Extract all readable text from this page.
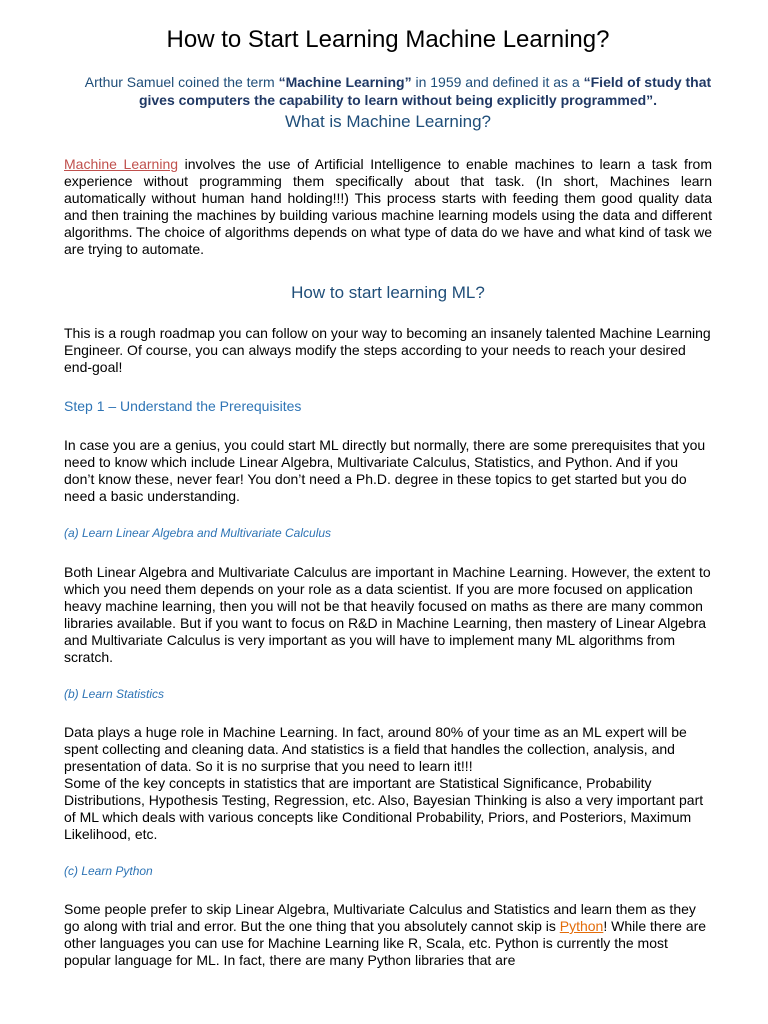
How to Start Learning Machine Learning?

Arthur Samuel coined the term “Machine Learning” in 1959 and defined it as a “Field of study that gives computers the capability to learn without being explicitly programmed”.

What is Machine Learning?

Machine Learning involves the use of Artificial Intelligence to enable machines to learn a task from experience without programming them specifically about that task. (In short, Machines learn automatically without human hand holding!!!) This process starts with feeding them good quality data and then training the machines by building various machine learning models using the data and different algorithms. The choice of algorithms depends on what type of data do we have and what kind of task we are trying to automate.

How to start learning ML?

This is a rough roadmap you can follow on your way to becoming an insanely talented Machine Learning Engineer. Of course, you can always modify the steps according to your needs to reach your desired end-goal!

Step 1 – Understand the Prerequisites

In case you are a genius, you could start ML directly but normally, there are some prerequisites that you need to know which include Linear Algebra, Multivariate Calculus, Statistics, and Python. And if you don’t know these, never fear! You don’t need a Ph.D. degree in these topics to get started but you do need a basic understanding.

(a) Learn Linear Algebra and Multivariate Calculus

Both Linear Algebra and Multivariate Calculus are important in Machine Learning. However, the extent to which you need them depends on your role as a data scientist. If you are more focused on application heavy machine learning, then you will not be that heavily focused on maths as there are many common libraries available. But if you want to focus on R&D in Machine Learning, then mastery of Linear Algebra and Multivariate Calculus is very important as you will have to implement many ML algorithms from scratch.

(b) Learn Statistics

Data plays a huge role in Machine Learning. In fact, around 80% of your time as an ML expert will be spent collecting and cleaning data. And statistics is a field that handles the collection, analysis, and presentation of data. So it is no surprise that you need to learn it!!!

Some of the key concepts in statistics that are important are Statistical Significance, Probability Distributions, Hypothesis Testing, Regression, etc. Also, Bayesian Thinking is also a very important part of ML which deals with various concepts like Conditional Probability, Priors, and Posteriors, Maximum Likelihood, etc.

(c) Learn Python

Some people prefer to skip Linear Algebra, Multivariate Calculus and Statistics and learn them as they go along with trial and error. But the one thing that you absolutely cannot skip is Python! While there are other languages you can use for Machine Learning like R, Scala, etc. Python is currently the most popular language for ML. In fact, there are many Python libraries that are
